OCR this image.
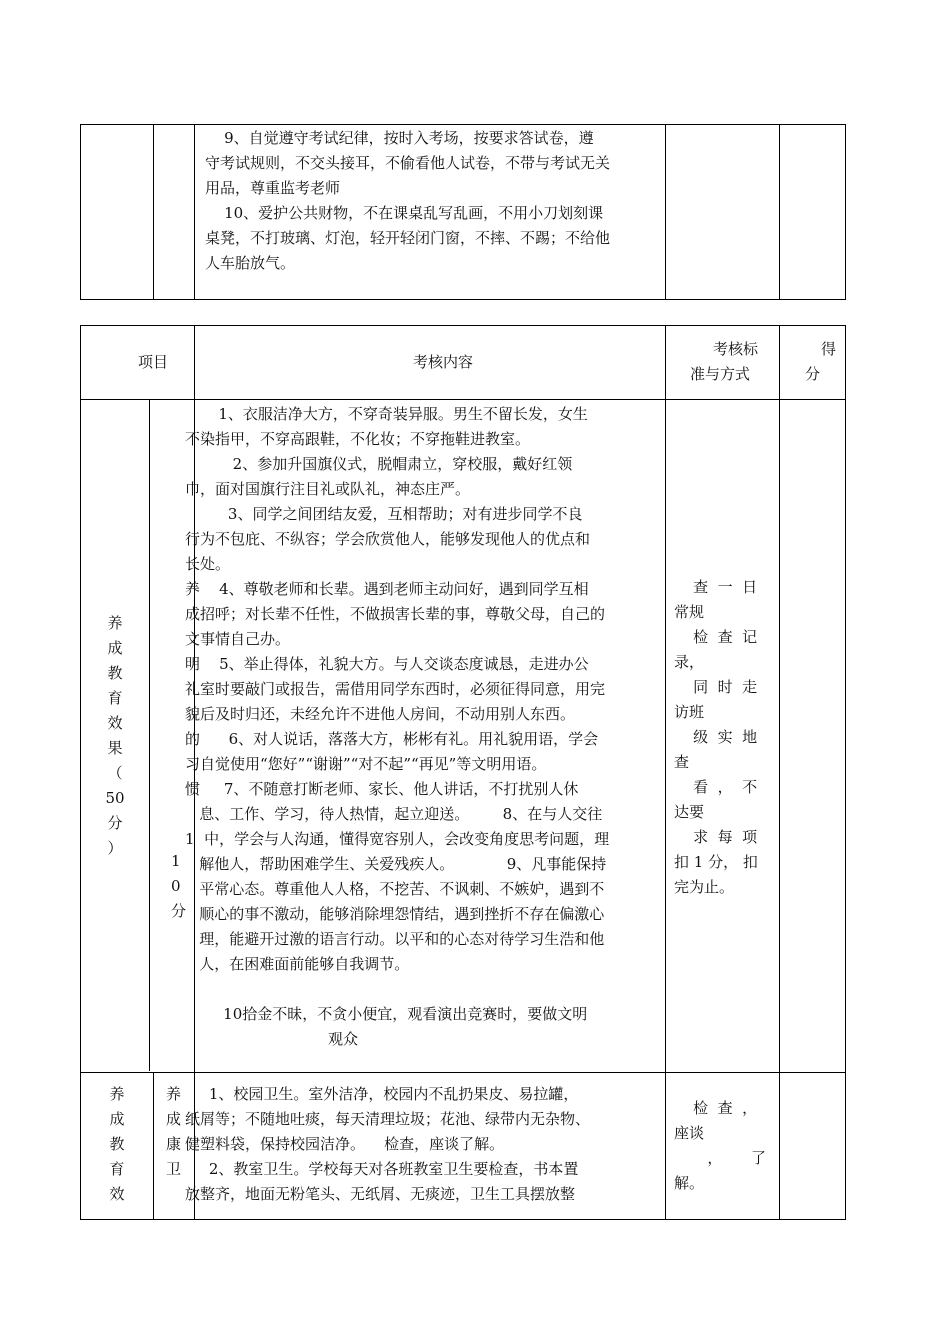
9、自觉遵守考试纪律，按时入考场，按要求答试卷，遵
守考试规则，不交头接耳，不偷看他人试卷，不带与考试无关
用品，尊重监考老师
10、爱护公共财物，不在课桌乱写乱画，不用小刀划刻课
桌凳，不打玻璃、灯泡，轻开轻闭门窗，不摔、不踢；不给他
人车胎放气。
项目	考核内容
考核标
准与方式
得
分
养
成
教
育
效
果
（
50
分
）
1
0
分
1、衣服洁净大方，不穿奇装异服。男生不留长发，女生
不染指甲，不穿高跟鞋，不化妆；不穿拖鞋进教室。
2、参加升国旗仪式，脱帽肃立，穿校服，戴好红领
巾，面对国旗行注目礼或队礼，神态庄严。
3、同学之间团结友爱，互相帮助；对有进步同学不良
行为不包庇、不纵容；学会欣赏他人，能够发现他人的优点和
长处。
养    4、尊敬老师和长辈。遇到老师主动问好，遇到同学互相
成招呼；对长辈不任性，不做损害长辈的事，尊敬父母，自己的
文事情自己办。
明    5、举止得体，礼貌大方。与人交谈态度诚恳，走进办公
礼室时要敲门或报告，需借用同学东西时，必须征得同意，用完
貌后及时归还，未经允许不进他人房间，不动用别人东西。
的      6、对人说话，落落大方，彬彬有礼。用礼貌用语，学会
习自觉使用“您好”“谢谢”“对不起”“再见”等文明用语。
惯     7、不随意打断老师、家长、他人讲话，不打扰别人休
息、工作、学习，待人热情，起立迎送。       8、在与人交往
1  中，学会与人沟通，懂得宽容别人，会改变角度思考问题，理
解他人，帮助困难学生、关爱残疾人。           9、凡事能保持
平常心态。尊重他人人格，不挖苦、不讽刺、不嫉妒，遇到不
顺心的事不激动，能够消除埋怨情结，遇到挫折不存在偏激心
理，能避开过激的语言行动。以平和的心态对待学习生浩和他
人，在困难面前能够自我调节。

10拾金不昧，不贪小便宜，观看演出竞赛时，要做文明
观众
查  一  日
常规
检  查  记
录，
同  时  走
访班
级  实  地
查
看  ，  不
达要
求  每  项
扣 1 分， 扣
完为止。
养
成
教
育
效
养
成
康
卫
1、校园卫生。室外洁净，校园内不乱扔果皮、易拉罐，
纸屑等；不随地吐痰，每天清理垃圾；花池、绿带内无杂物、
健塑料袋，保持校园洁净。    检查，座谈了解。
2、教室卫生。学校每天对各班教室卫生要检查，书本置
放整齐，地面无粉笔头、无纸屑、无痰迹，卫生工具摆放整
检  查  ，
座谈
，      了
解。
